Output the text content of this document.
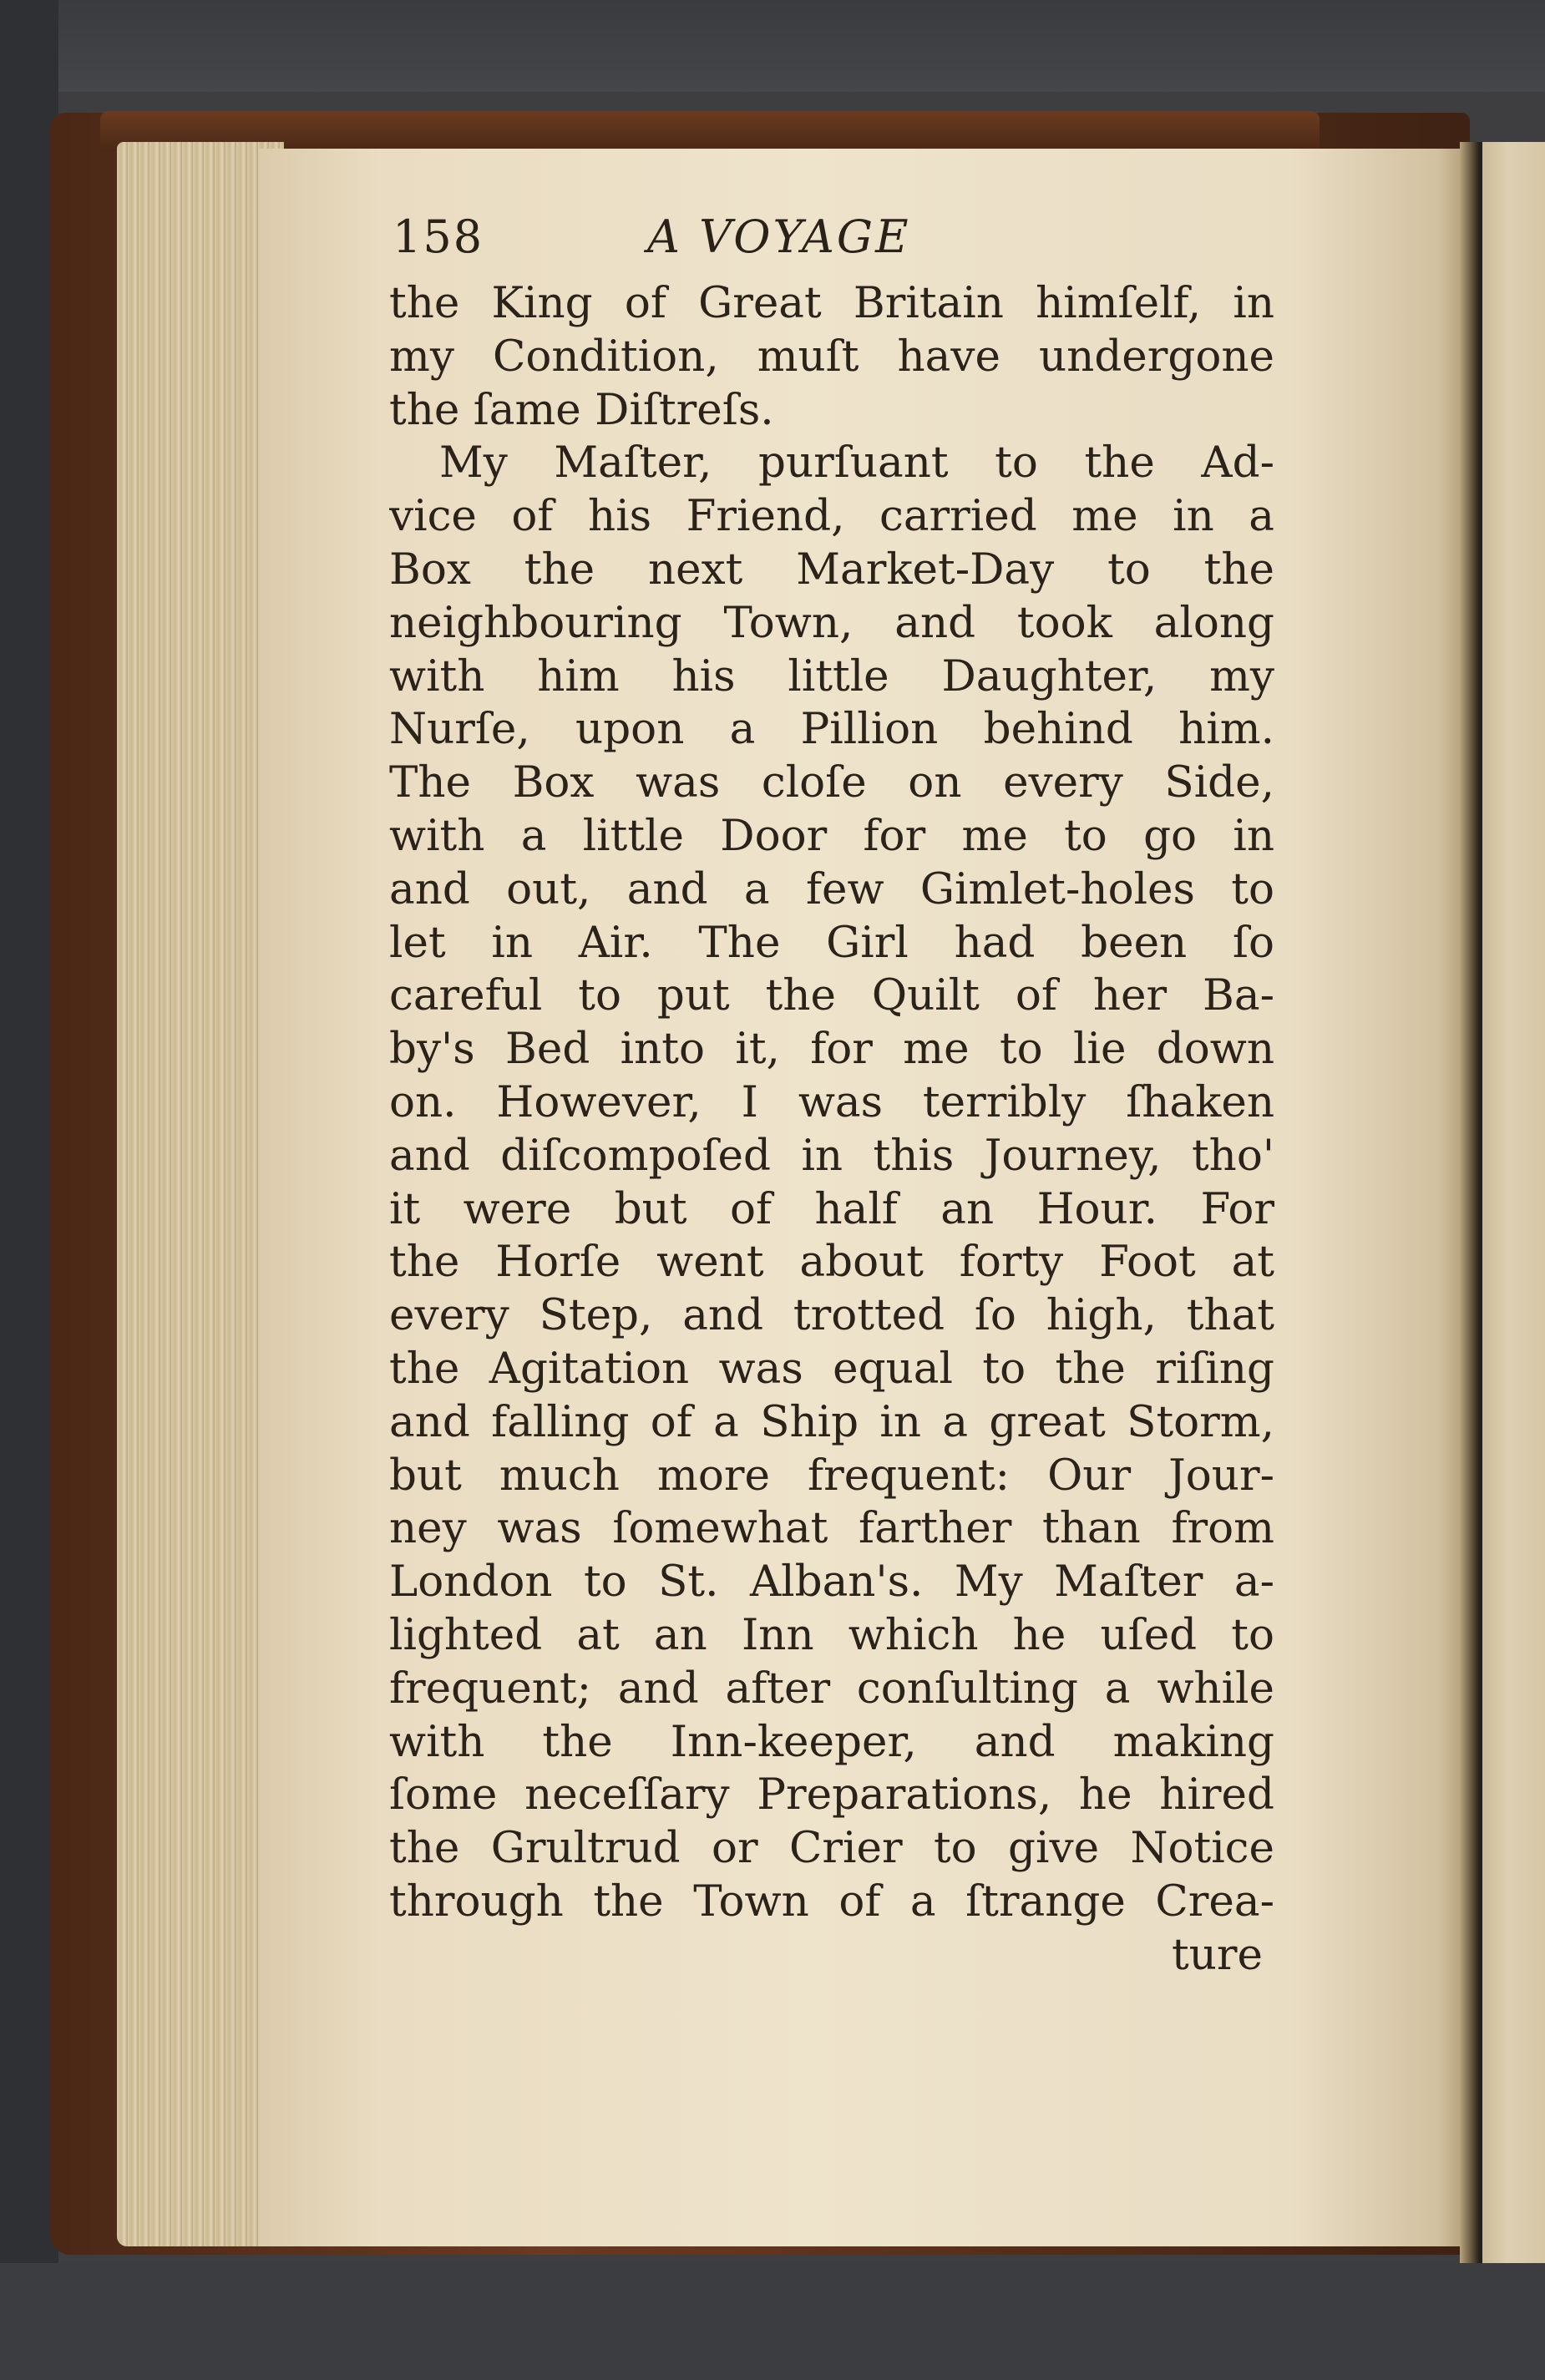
158	A VOYAGE
the King of Great Britain himſelf, in
my Condition, muſt have undergone
the ſame Diſtreſs.
My Maſter, purſuant to the Ad-
vice of his Friend, carried me in a
Box the next Market-Day to the
neighbouring Town, and took along
with him his little Daughter, my
Nurſe, upon a Pillion behind him.
The Box was cloſe on every Side,
with a little Door for me to go in
and out, and a few Gimlet-holes to
let in Air. The Girl had been ſo
careful to put the Quilt of her Ba-
by's Bed into it, for me to lie down
on. However, I was terribly ſhaken
and diſcompoſed in this Journey, tho'
it were but of half an Hour. For
the Horſe went about forty Foot at
every Step, and trotted ſo high, that
the Agitation was equal to the riſing
and falling of a Ship in a great Storm,
but much more frequent: Our Jour-
ney was ſomewhat farther than from
London to St. Alban's. My Maſter a-
lighted at an Inn which he uſed to
frequent; and after conſulting a while
with the Inn-keeper, and making
ſome neceſſary Preparations, he hired
the Grultrud or Crier to give Notice
through the Town of a ſtrange Crea-
ture
